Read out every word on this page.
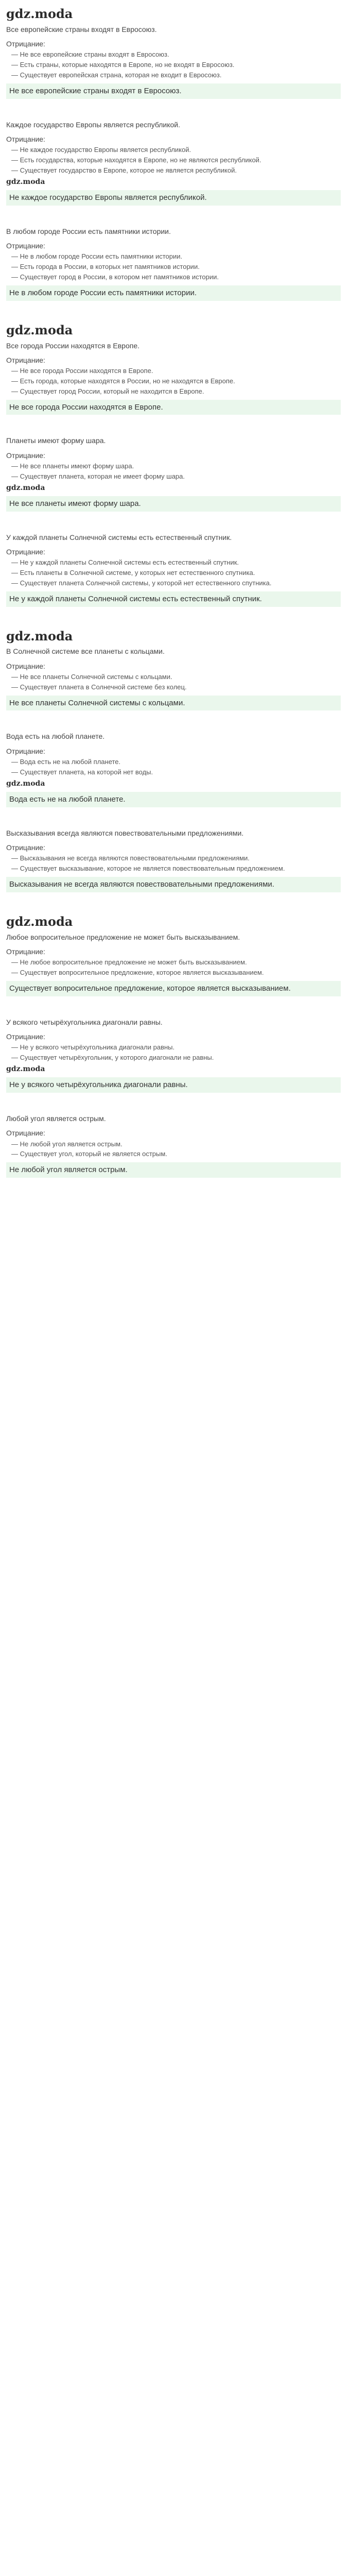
gdz.moda
Все европейские страны входят в Евросоюз.
Отрицание:
— Не все европейские страны входят в Евросоюз.
— Есть страны, которые находятся в Европе, но не входят в Евросоюз.
— Существует европейская страна, которая не входит в Евросоюз.
Не все европейские страны входят в Евросоюз.
Каждое государство Европы является республикой.
Отрицание:
— Не каждое государство Европы является республикой.
— Есть государства, которые находятся в Европе, но не являются республикой.
— Существует государство в Европе, которое не является республикой.
gdz.moda
Не каждое государство Европы является республикой.
В любом городе России есть памятники истории.
Отрицание:
— Не в любом городе России есть памятники истории.
— Есть города в России, в которых нет памятников истории.
— Существует город в России, в котором нет памятников истории.
Не в любом городе России есть памятники истории.
gdz.moda
Все города России находятся в Европе.
Отрицание:
— Не все города России находятся в Европе.
— Есть города, которые находятся в России, но не находятся в Европе.
— Существует город России, который не находится в Европе.
Не все города России находятся в Европе.
Планеты имеют форму шара.
Отрицание:
— Не все планеты имеют форму шара.
— Существует планета, которая не имеет форму шара.
gdz.moda
Не все планеты имеют форму шара.
У каждой планеты Солнечной системы есть естественный спутник.
Отрицание:
— Не у каждой планеты Солнечной системы есть естественный спутник.
— Есть планеты в Солнечной системе, у которых нет естественного спутника.
— Существует планета Солнечной системы, у которой нет естественного спутника.
Не у каждой планеты Солнечной системы есть естественный спутник.
gdz.moda
В Солнечной системе все планеты с кольцами.
Отрицание:
— Не все планеты Солнечной системы с кольцами.
— Существует планета в Солнечной системе без колец.
Не все планеты Солнечной системы с кольцами.
Вода есть на любой планете.
Отрицание:
— Вода есть не на любой планете.
— Существует планета, на которой нет воды.
gdz.moda
Вода есть не на любой планете.
Высказывания всегда являются повествовательными предложениями.
Отрицание:
— Высказывания не всегда являются повествовательными предложениями.
— Существует высказывание, которое не является повествовательным предложением.
Высказывания не всегда являются повествовательными предложениями.
gdz.moda
Любое вопросительное предложение не может быть высказыванием.
Отрицание:
— Не любое вопросительное предложение не может быть высказыванием.
— Существует вопросительное предложение, которое является высказыванием.
Существует вопросительное предложение, которое является высказыванием.
У всякого четырёхугольника диагонали равны.
Отрицание:
— Не у всякого четырёхугольника диагонали равны.
— Существует четырёхугольник, у которого диагонали не равны.
gdz.moda
Не у всякого четырёхугольника диагонали равны.
Любой угол является острым.
Отрицание:
— Не любой угол является острым.
— Существует угол, который не является острым.
Не любой угол является острым.
